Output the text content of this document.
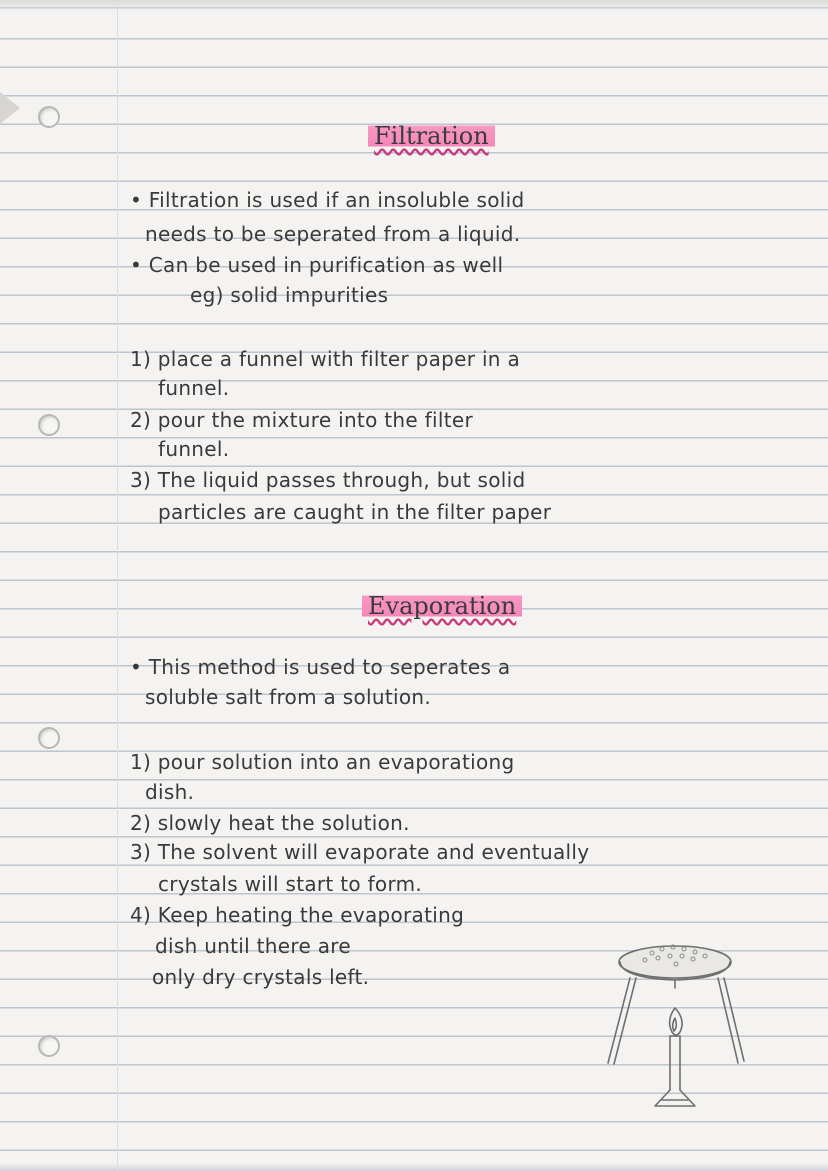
Filtration
• Filtration is used if an insoluble solid
needs to be seperated from a liquid.
• Can be used in purification as well
eg) solid impurities
1) place a funnel with filter paper in a
funnel.
2) pour the mixture into the filter
funnel.
3) The liquid passes through, but solid
particles are caught in the filter paper
Evaporation
• This method is used to seperates a
soluble salt from a solution.
1) pour solution into an evaporationg
dish.
2) slowly heat the solution.
3) The solvent will evaporate and eventually
crystals will start to form.
4) Keep heating the evaporating
dish until there are
only dry crystals left.
